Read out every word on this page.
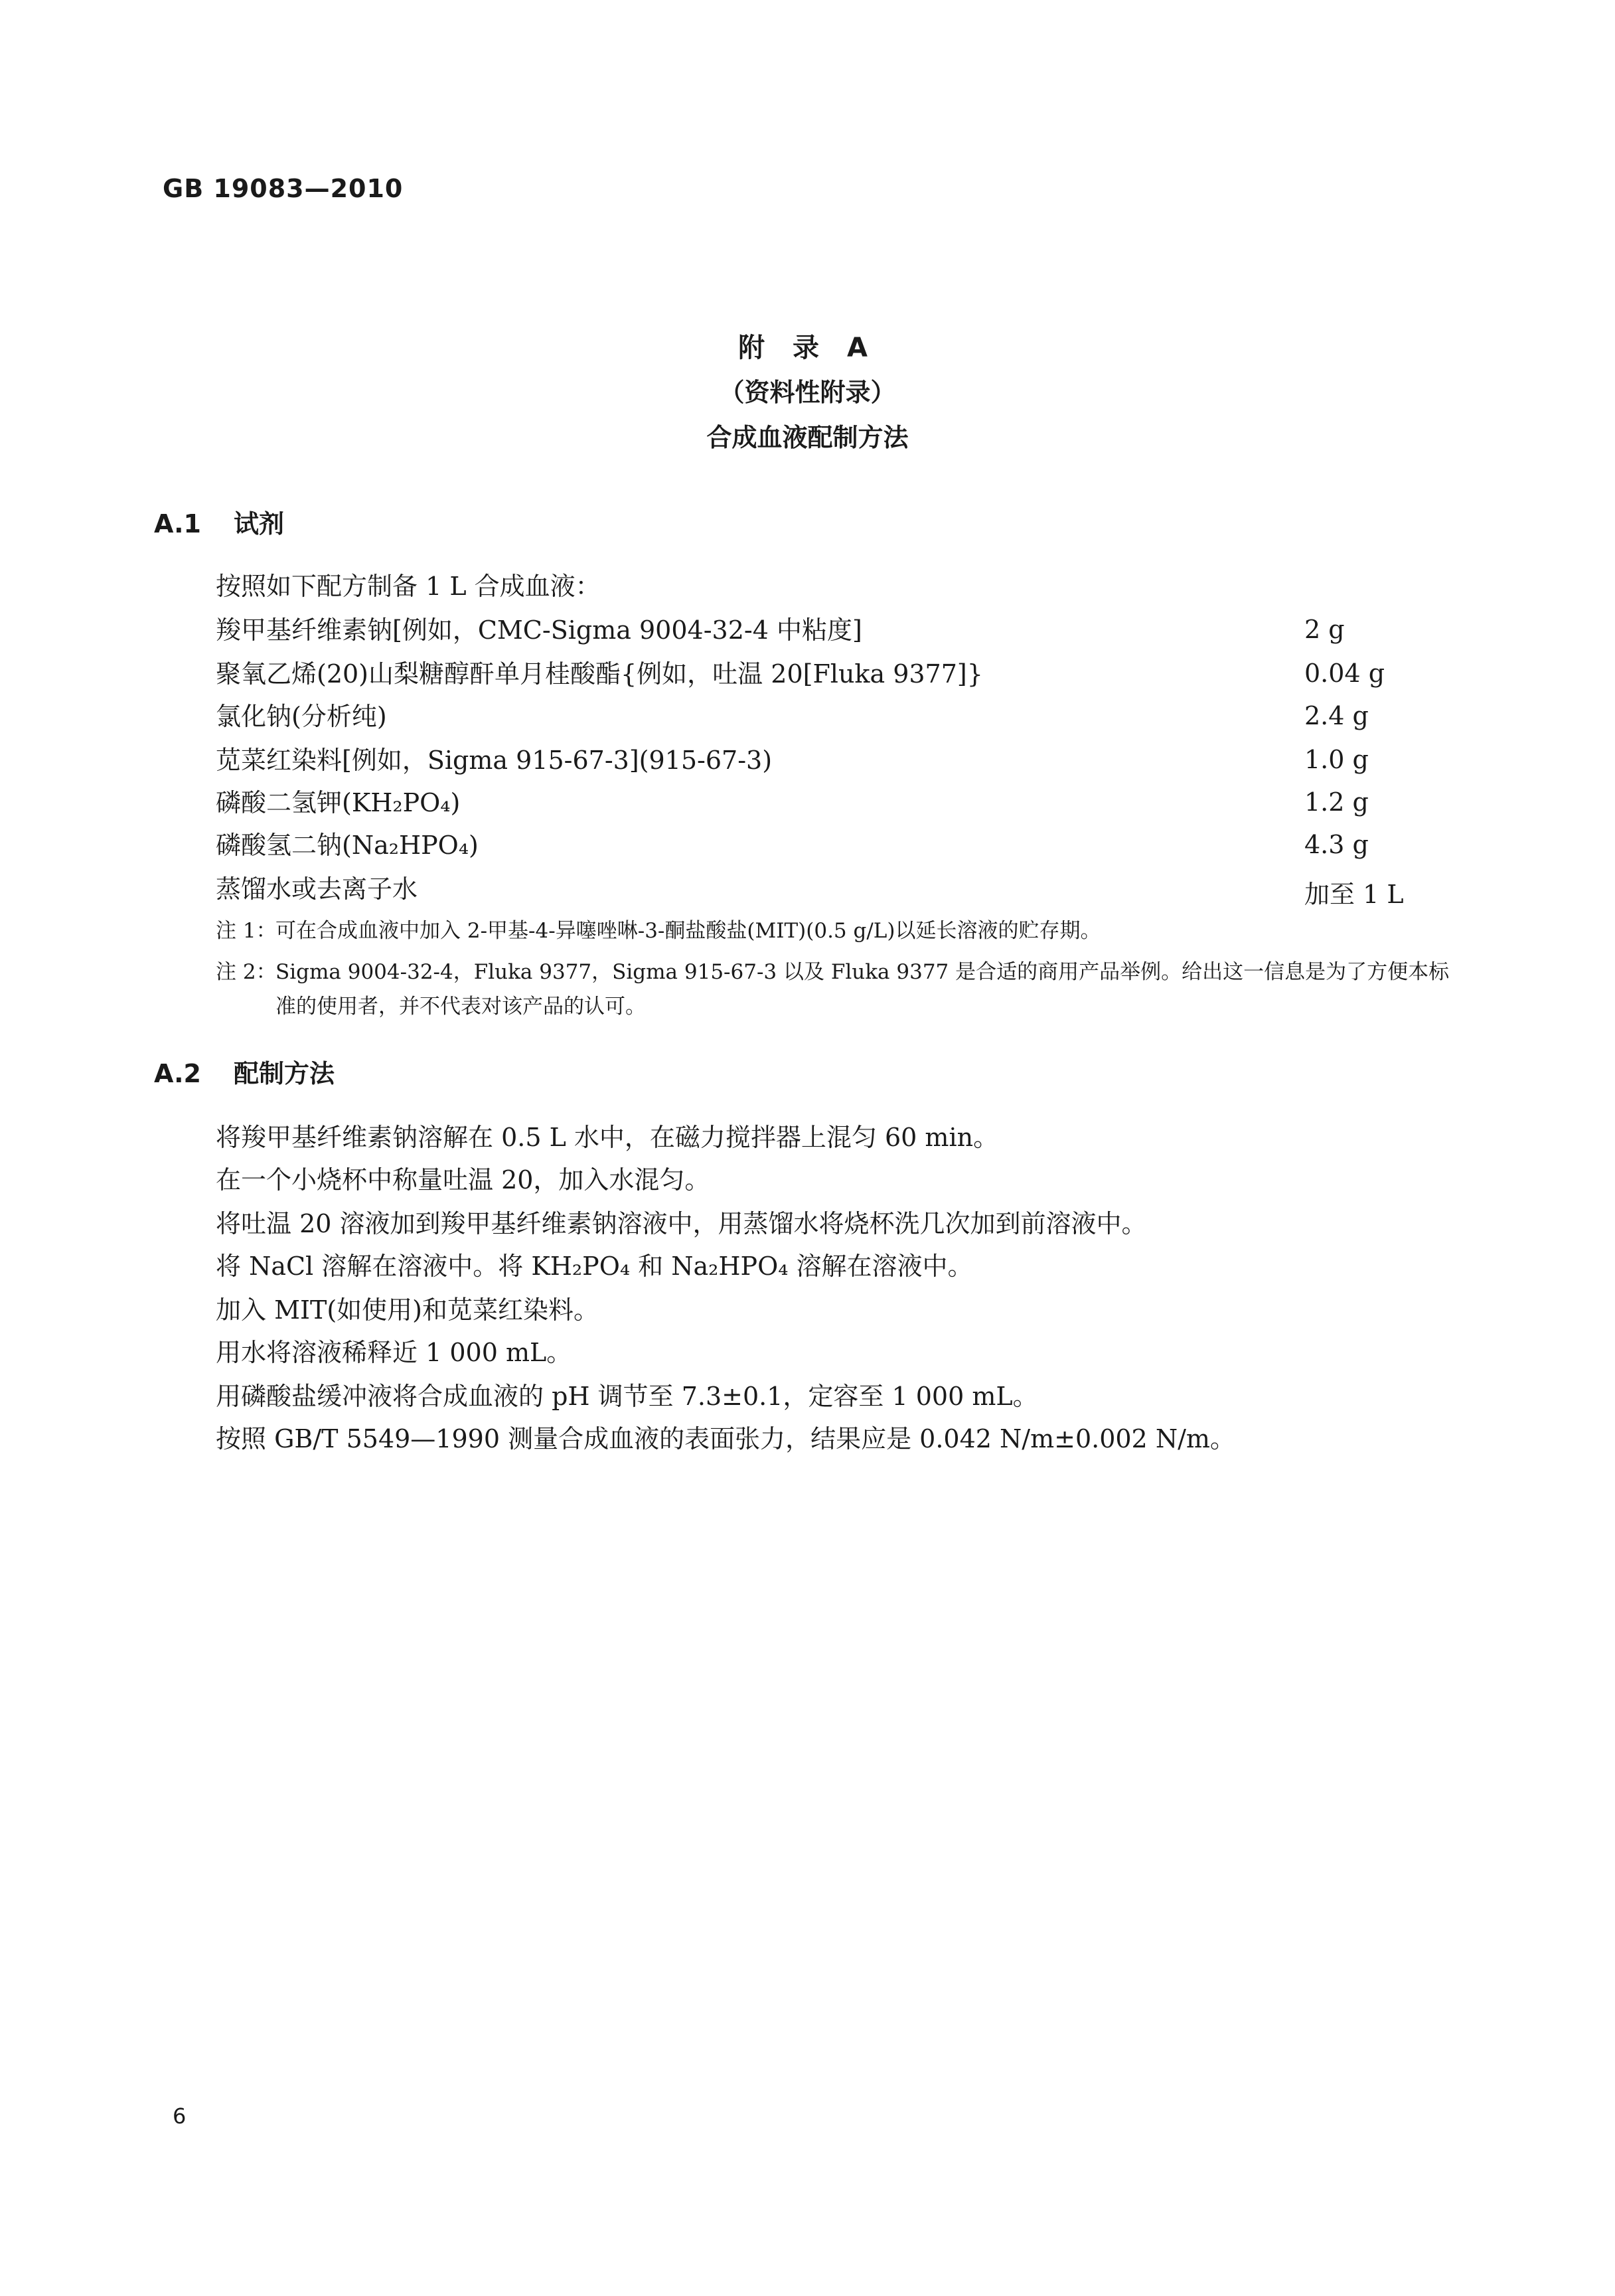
GB 19083—2010
附 录 A
（资料性附录）
合成血液配制方法
A.1 试剂
按照如下配方制备 1 L 合成血液：
羧甲基纤维素钠[例如，CMC-Sigma 9004-32-4 中粘度]	2 g
聚氧乙烯(20)山梨糖醇酐单月桂酸酯{例如，吐温 20[Fluka 9377]}	0.04 g
氯化钠(分析纯)	2.4 g
苋菜红染料[例如，Sigma 915-67-3](915-67-3)	1.0 g
磷酸二氢钾(KH₂PO₄)	1.2 g
磷酸氢二钠(Na₂HPO₄)	4.3 g
蒸馏水或去离子水	加至 1 L
注 1：
可在合成血液中加入 2-甲基-4-异噻唑啉-3-酮盐酸盐(MIT)(0.5 g/L)以延长溶液的贮存期。
注 2：
Sigma 9004-32-4，Fluka 9377，Sigma 915-67-3 以及 Fluka 9377 是合适的商用产品举例。给出这一信息是为了方便本标准的使用者，并不代表对该产品的认可。
A.2 配制方法
将羧甲基纤维素钠溶解在 0.5 L 水中，在磁力搅拌器上混匀 60 min。
在一个小烧杯中称量吐温 20，加入水混匀。
将吐温 20 溶液加到羧甲基纤维素钠溶液中，用蒸馏水将烧杯洗几次加到前溶液中。
将 NaCl 溶解在溶液中。将 KH₂PO₄ 和 Na₂HPO₄ 溶解在溶液中。
加入 MIT(如使用)和苋菜红染料。
用水将溶液稀释近 1 000 mL。
用磷酸盐缓冲液将合成血液的 pH 调节至 7.3±0.1，定容至 1 000 mL。
按照 GB/T 5549—1990 测量合成血液的表面张力，结果应是 0.042 N/m±0.002 N/m。
6
